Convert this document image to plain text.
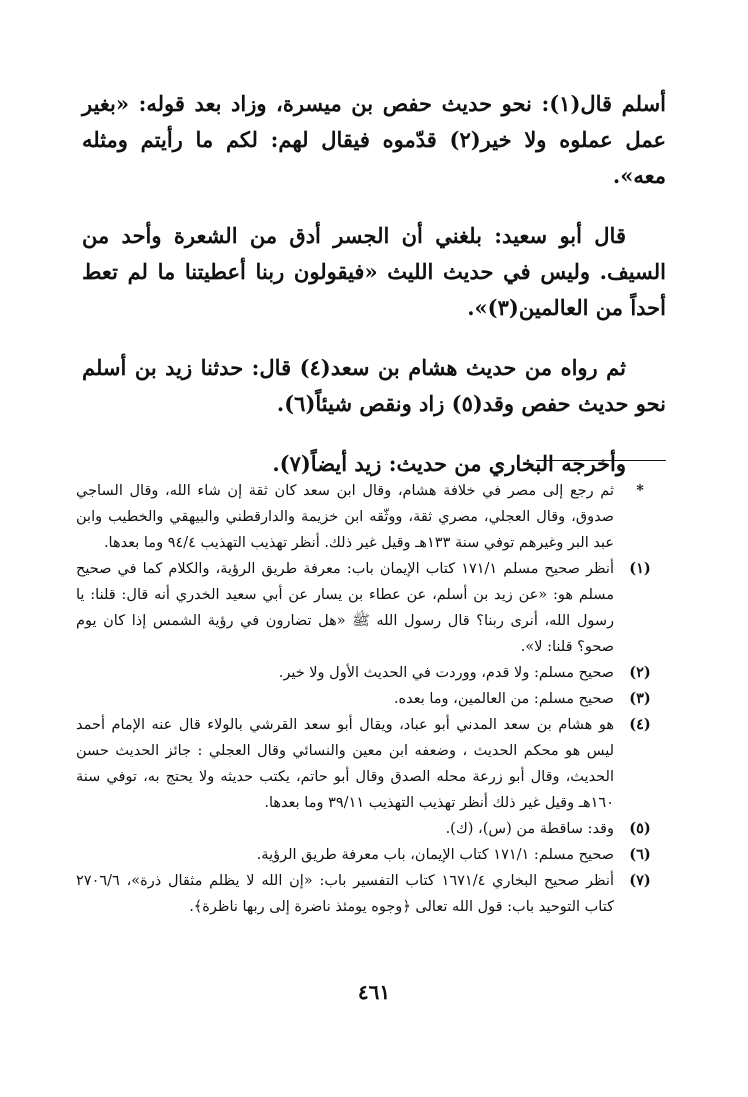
أسلم قال(١): نحو حديث حفص بن ميسرة، وزاد بعد قوله: «بغير عمل عملوه ولا خير(٢) قدّموه فيقال لهم: لكم ما رأيتم ومثله معه».

قال أبو سعيد: بلغني أن الجسر أدق من الشعرة وأحد من السيف. وليس في حديث الليث «فيقولون ربنا أعطيتنا ما لم تعط أحداً من العالمين(٣)».

ثم رواه من حديث هشام بن سعد(٤) قال: حدثنا زيد بن أسلم نحو حديث حفص وقد(٥) زاد ونقص شيئاً(٦).

وأخرجه البخاري من حديث: زيد أيضاً(٧).

*
ثم رجع إلى مصر في خلافة هشام، وقال ابن سعد كان ثقة إن شاء الله، وقال الساجي صدوق، وقال العجلي، مصري ثقة، ووثّقه ابن خزيمة والدارقطني والبيهقي والخطيب وابن عبد البر وغيرهم توفي سنة ١٣٣هـ وقيل غير ذلك. أنظر تهذيب التهذيب ٩٤/٤ وما بعدها.
(١)
أنظر صحيح مسلم ١٧١/١ كتاب الإيمان باب: معرفة طريق الرؤية، والكلام كما في صحيح مسلم هو: «عن زيد بن أسلم، عن عطاء بن يسار عن أبي سعيد الخدري أنه قال: قلنا: يا رسول الله، أنرى ربنا؟ قال رسول الله ﷺ «هل تضارون في رؤية الشمس إذا كان يوم صحو؟ قلنا: لا».
(٢)
صحيح مسلم: ولا قدم، ووردت في الحديث الأول ولا خير.
(٣)
صحيح مسلم: من العالمين، وما بعده.
(٤)
هو هشام بن سعد المدني أبو عباد، ويقال أبو سعد القرشي بالولاء قال عنه الإمام أحمد ليس هو محكم الحديث ، وضعفه ابن معين والنسائي وقال العجلي : جائز الحديث حسن الحديث، وقال أبو زرعة محله الصدق وقال أبو حاتم، يكتب حديثه ولا يحتج به، توفي سنة ١٦٠هـ وقيل غير ذلك أنظر تهذيب التهذيب ٣٩/١١ وما بعدها.
(٥)
وقد: ساقطة من (س)، (ك).
(٦)
صحيح مسلم: ١٧١/١ كتاب الإيمان، باب معرفة طريق الرؤية.
(٧)
أنظر صحيح البخاري ١٦٧١/٤ كتاب التفسير باب: «إن الله لا يظلم مثقال ذرة»، ٢٧٠٦/٦ كتاب التوحيد باب: قول الله تعالى ﴿وجوه يومئذ ناضرة إلى ربها ناظرة﴾.
٤٦١
